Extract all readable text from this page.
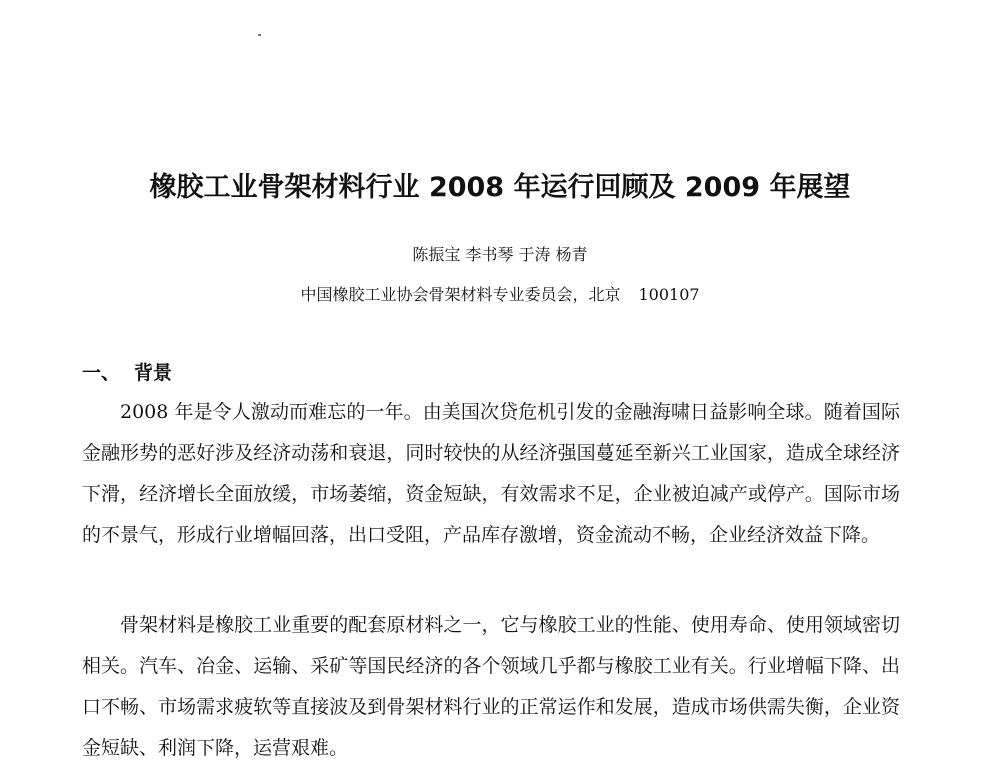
橡胶工业骨架材料行业 2008 年运行回顾及 2009 年展望
陈振宝 李书琴 于涛 杨青
中国橡胶工业协会骨架材料专业委员会，北京 100107
一、 背景

2008 年是令人激动而难忘的一年。由美国次贷危机引发的金融海啸日益影响全球。随着国际金融形势的恶好涉及经济动荡和衰退，同时较快的从经济强国蔓延至新兴工业国家，造成全球经济下滑，经济增长全面放缓，市场萎缩，资金短缺，有效需求不足，企业被迫减产或停产。国际市场的不景气，形成行业增幅回落，出口受阻，产品库存激增，资金流动不畅，企业经济效益下降。

骨架材料是橡胶工业重要的配套原材料之一，它与橡胶工业的性能、使用寿命、使用领域密切相关。汽车、冶金、运输、采矿等国民经济的各个领域几乎都与橡胶工业有关。行业增幅下降、出口不畅、市场需求疲软等直接波及到骨架材料行业的正常运作和发展，造成市场供需失衡，企业资金短缺、利润下降，运营艰难。
